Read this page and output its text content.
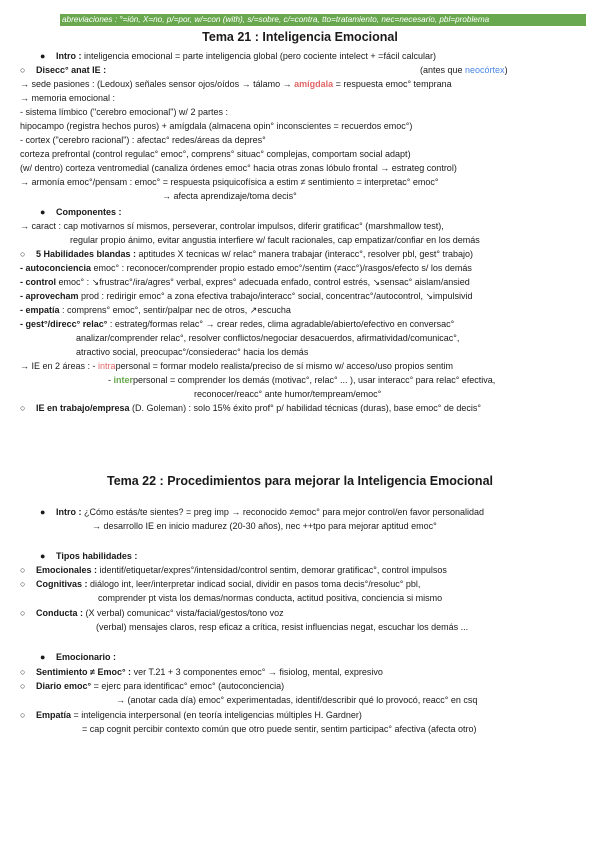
abreviaciones : °=ión, X=no, p/=por, w/=con (with), s/=sobre, c/=contra, tto=tratamiento, nec=necesario, pbl=problema
Tema 21 : Inteligencia Emocional
● Intro : inteligencia emocional = parte inteligencia global (pero cociente intelect + =fácil calcular)
○ Disecc° anat IE :	(antes que neocórtex)
→ sede pasiones : (Ledoux) señales sensor ojos/oídos → tálamo → amígdala = respuesta emoc° temprana
→ memoria emocional :
- sistema límbico ("cerebro emocional") w/ 2 partes :
hipocampo (registra hechos puros) + amígdala (almacena opin° inconscientes = recuerdos emoc°)
- cortex ("cerebro racional") : afectac° redes/áreas da depres°
corteza prefrontal (control regulac° emoc°, comprens° situac° complejas, comportam social adapt)
(w/ dentro) corteza ventromedial (canaliza órdenes emoc° hacia otras zonas lóbulo frontal → estrateg control)
→ armonía emoc°/pensam : emoc° = respuesta psiquicofísica a estim ≠ sentimiento = interpretac° emoc°
→ afecta aprendizaje/toma decis°
● Componentes :
→ caract : cap motivarnos sí mismos, perseverar, controlar impulsos, diferir gratificac° (marshmallow test),
regular propio ánimo, evitar angustia interfiere w/ facult racionales, cap empatizar/confiar en los demás
○ 5 Habilidades blandas : aptitudes X tecnicas w/ relac° manera trabajar (interacc°, resolver pbl, gest° trabajo)
- autoconciencia emoc° : reconocer/comprender propio estado emoc°/sentim (≠acc°)/rasgos/efecto s/ los demás
- control emoc° : ↘frustrac°/ira/agres° verbal, expres° adecuada enfado, control estrés, ↘sensac° aislam/ansied
- aprovecham prod : redirigir emoc° a zona efectiva trabajo/interacc° social, concentrac°/autocontrol, ↘impulsivid
- empatía : comprens° emoc°, sentir/palpar nec de otros, ↗escucha
- gest°/direcc° relac° : estrateg/formas relac° → crear redes, clima agradable/abierto/efectivo en conversac°
analizar/comprender relac°, resolver conflictos/negociar desacuerdos, afirmatividad/comunicac°,
atractivo social, preocupac°/consiederac° hacia los demás
→ IE en 2 áreas : - intrapersonal = formar modelo realista/preciso de sí mismo w/ acceso/uso propios sentim
- interpersonal = comprender los demás (motivac°, relac° ... ), usar interacc° para relac° efectiva,
reconocer/reacc° ante humor/tempream/emoc°
○ IE en trabajo/empresa (D. Goleman) : solo 15% éxito prof° p/ habilidad técnicas (duras), base emoc° de decis°
Tema 22 : Procedimientos para mejorar la Inteligencia Emocional
● Intro : ¿Cómo estás/te sientes? = preg imp → reconocido ≠emoc° para mejor control/en favor personalidad
→ desarrollo IE en inicio madurez (20-30 años), nec ++tpo para mejorar aptitud emoc°
● Tipos habilidades :
○ Emocionales : identif/etiquetar/expres°/intensidad/control sentim, demorar gratificac°, control impulsos
○ Cognitivas : diálogo int, leer/interpretar indicad social, dividir en pasos toma decis°/resoluc° pbl,
comprender pt vista los demas/normas conducta, actitud positiva, conciencia si mismo
○ Conducta : (X verbal) comunicac° vista/facial/gestos/tono voz
(verbal) mensajes claros, resp eficaz a crítica, resist influencias negat, escuchar los demás ...
● Emocionario :
○ Sentimiento ≠ Emoc° : ver T.21 + 3 componentes emoc° → fisiolog, mental, expresivo
○ Diario emoc° = ejerc para identificac° emoc° (autoconciencia)
→ (anotar cada día) emoc° experimentadas, identif/describir qué lo provocó, reacc° en csq
○ Empatía = inteligencia interpersonal (en teoría inteligencias múltiples H. Gardner)
= cap cognit percibir contexto común que otro puede sentir, sentim participac° afectiva (afecta otro)
